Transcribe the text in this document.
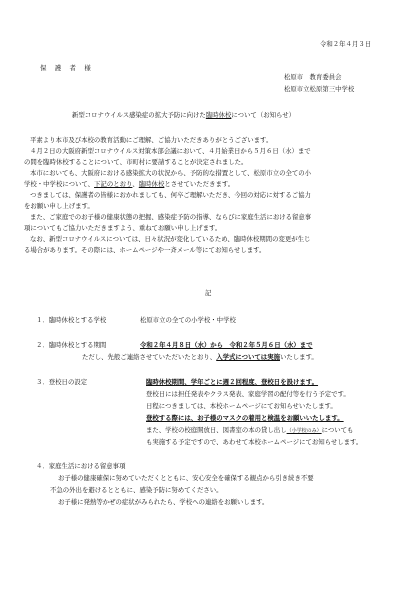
令和２年４月３日
保　護　者　様
松原市　教育委員会
松原市立松原第三中学校
新型コロナウイルス感染症の拡大予防に向けた臨時休校について（お知らせ）
平素より本市及び本校の教育活動にご理解、ご協力いただきありがとうございます。
４月２日の大阪府新型コロナウイルス対策本部会議において、４月始業日から５月６日（水）まで
の間を臨時休校することについて、市町村に要請することが決定されました。
本市においても、大阪府における感染拡大の状況から、予防的な措置として、松原市立の全ての小
学校・中学校について、下記のとおり、臨時休校とさせていただきます。
つきましては、保護者の皆様におかれましても、何卒ご理解いただき、今回の対応に対するご協力
をお願い申し上げます。
また、ご家庭でのお子様の健康状態の把握、感染症予防の指導、ならびに家庭生活における留意事
項についてもご協力いただきますよう、重ねてお願い申し上げます。
なお、新型コロナウイルスについては、日々状況が変化しているため、臨時休校期間の変更が生じ
る場合があります。その際には、ホームページや一斉メール等にてお知らせします。
記
１．臨時休校とする学校	松原市立の全ての小学校・中学校
２．臨時休校とする期間	令和２年４月８日（水）から　令和２年５月６日（水）まで
ただし、先般ご連絡させていただいたとおり、入学式については実施いたします。
３．登校日の設定	臨時休校期間、学年ごとに週２回程度、登校日を設けます。
登校日には担任発表やクラス発表、家庭学習の配付等を行う予定です。
日程につきましては、本校ホームページにてお知らせいたします。
登校する際には、お子様のマスクの着用と検温をお願いいたします。
また、学校の校庭開放日、図書室の本の貸し出し（小学校のみ）についても
も実施する予定ですので、あわせて本校ホームページにてお知らせします。
４．家庭生活における留意事項
お子様の健康確保に努めていただくとともに、安心安全を確保する観点から引き続き不要
不急の外出を避けるとともに、感染予防に努めてください。
お子様に発熱等かぜの症状がみられたら、学校への連絡をお願いします。
